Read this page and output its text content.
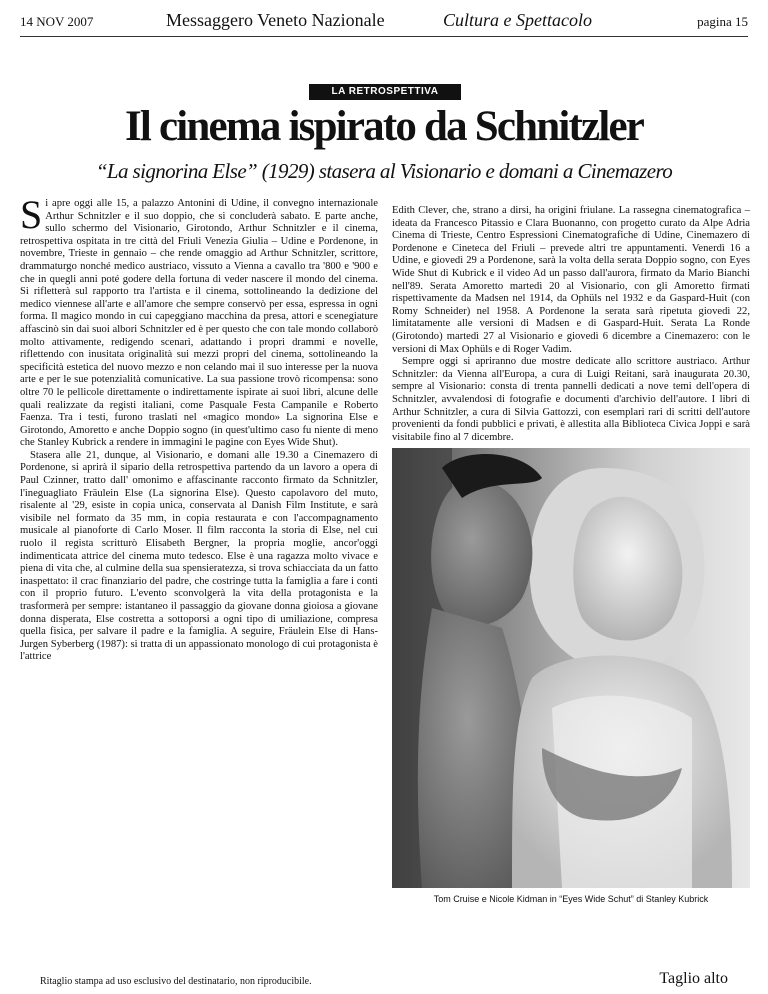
14 NOV 2007	Messaggero Veneto Nazionale	Cultura e Spettacolo	pagina 15
LA RETROSPETTIVA
Il cinema ispirato da Schnitzler
“La signorina Else” (1929) stasera al Visionario e domani a Cinemazero
S i apre oggi alle 15, a palazzo Antonini di Udine, il convegno internazionale Arthur Schnitzler e il suo doppio, che si concluderà sabato. E parte anche, sullo schermo del Visionario, Girotondo, Arthur Schnitzler e il cinema, retrospettiva ospitata in tre città del Friuli Venezia Giulia – Udine e Pordenone, in novembre, Trieste in gennaio – che rende omaggio ad Arthur Schnitzler, scrittore, drammaturgo nonché medico austriaco, vissuto a Vienna a cavallo tra '800 e '900 e che in quegli anni poté godere della fortuna di veder nascere il mondo del cinema. Si rifletterà sul rapporto tra l'artista e il cinema, sottolineando la dedizione del medico viennese all'arte e all'amore che sempre conservò per essa, espressa in ogni forma. Il magico mondo in cui capeggiano macchina da presa, attori e scenegiature affascinò sin dai suoi albori Schnitzler ed è per questo che con tale mondo collaborò molto attivamente, redigendo scenari, adattando i propri drammi e novelle, riflettendo con inusitata originalità sui mezzi propri del cinema, sottolineando la specificità estetica del nuovo mezzo e non celando mai il suo interesse per la nuova arte e per le sue potenzialità comunicative. La sua passione trovò ricompensa: sono oltre 70 le pellicole direttamente o indirettamente ispirate ai suoi libri, alcune delle quali realizzate da registi italiani, come Pasquale Festa Campanile e Roberto Faenza. Tra i testi, furono traslati nel «magico mondo» La signorina Else e Girotondo, Amoretto e anche Doppio sogno (in quest'ultimo caso fu niente di meno che Stanley Kubrick a rendere in immagini le pagine con Eyes Wide Shut).

Stasera alle 21, dunque, al Visionario, e domani alle 19.30 a Cinemazero di Pordenone, si aprirà il sipario della retrospettiva partendo da un lavoro a opera di Paul Czinner, tratto dall' omonimo e affascinante racconto firmato da Schnitzler, l'ineguagliato Fräulein Else (La signorina Else). Questo capolavoro del muto, risalente al '29, esiste in copia unica, conservata al Danish Film Institute, e sarà visibile nel formato da 35 mm, in copia restaurata e con l'accompagnamento musicale al pianoforte di Carlo Moser. Il film racconta la storia di Else, nel cui ruolo il regista scritturò Elisabeth Bergner, la propria moglie, ancor'oggi indimenticata attrice del cinema muto tedesco. Else è una ragazza molto vivace e piena di vita che, al culmine della sua spensieratezza, si trova schiacciata da un fatto inaspettato: il crac finanziario del padre, che costringe tutta la famiglia a fare i conti con il proprio futuro. L'evento sconvolgerà la vita della protagonista e la trasformerà per sempre: istantaneo il passaggio da giovane donna gioiosa a giovane donna disperata, Else costretta a sottoporsi a ogni tipo di umiliazione, compresa quella fisica, per salvare il padre e la famiglia. A seguire, Fräulein Else di Hans-Jurgen Syberberg (1987): si tratta di un appassionato monologo di cui protagonista è l'attrice

Edith Clever, che, strano a dirsi, ha origini friulane. La rassegna cinematografica – ideata da Francesco Pitassio e Clara Buonanno, con progetto curato da Alpe Adria Cinema di Trieste, Centro Espressioni Cinematografiche di Udine, Cinemazero di Pordenone e Cineteca del Friuli – prevede altri tre appuntamenti. Venerdì 16 a Udine, e giovedì 29 a Pordenone, sarà la volta della serata Doppio sogno, con Eyes Wide Shut di Kubrick e il video Ad un passo dall'aurora, firmato da Mario Bianchi nell'89. Serata Amoretto martedì 20 al Visionario, con gli Amoretto firmati rispettivamente da Madsen nel 1914, da Ophüls nel 1932 e da Gaspard-Huit (con Romy Schneider) nel 1958. A Pordenone la serata sarà ripetuta giovedì 22, limitatamente alle versioni di Madsen e di Gaspard-Huit. Serata La Ronde (Girotondo) martedì 27 al Visionario e giovedì 6 dicembre a Cinemazero: con le versioni di Max Ophüls e di Roger Vadim.

Sempre oggi si apriranno due mostre dedicate allo scrittore austriaco. Arthur Schnitzler: da Vienna all'Europa, a cura di Luigi Reitani, sarà inaugurata 20.30, sempre al Visionario: consta di trenta pannelli dedicati a nove temi dell'opera di Schnitzler, avvalendosi di fotografie e documenti d'archivio dell'autore. I libri di Arthur Schnitzler, a cura di Silvia Gattozzi, con esemplari rari di scritti dell'autore provenienti da fondi pubblici e privati, è allestita alla Biblioteca Civica Joppi e sarà visitabile fino al 7 dicembre.

Tom Cruise e Nicole Kidman in “Eyes Wide Schut” di Stanley Kubrick
Ritaglio stampa ad uso esclusivo del destinatario, non riproducibile.	Taglio alto
